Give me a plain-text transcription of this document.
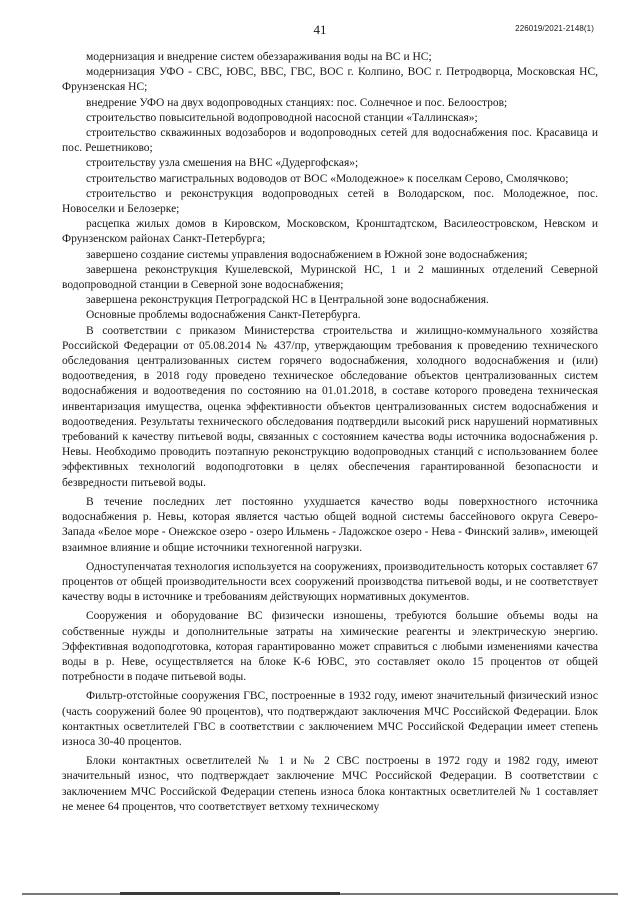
41	226019/2021-2148(1)

модернизация и внедрение систем обеззараживания воды на ВС и НС;

модернизация УФО - СВС, ЮВС, ВВС, ГВС, ВОС г. Колпино, ВОС г. Петродворца, Московская НС, Фрунзенская НС;

внедрение УФО на двух водопроводных станциях: пос. Солнечное и пос. Белоостров;

строительство повысительной водопроводной насосной станции «Таллинская»;

строительство скважинных водозаборов и водопроводных сетей для водоснабжения пос. Красавица и пос. Решетниково;

строительству узла смешения на ВНС «Дудергофская»;

строительство магистральных водоводов от ВОС «Молодежное» к поселкам Серово, Смолячково;

строительство и реконструкция водопроводных сетей в Володарском, пос. Молодежное, пос. Новоселки и Белозерке;

расцепка жилых домов в Кировском, Московском, Кронштадтском, Василеостровском, Невском и Фрунзенском районах Санкт-Петербурга;

завершено создание системы управления водоснабжением в Южной зоне водоснабжения;

завершена реконструкция Кушелевской, Муринской НС, 1 и 2 машинных отделений Северной водопроводной станции в Северной зоне водоснабжения;

завершена реконструкция Петроградской НС в Центральной зоне водоснабжения.

Основные проблемы водоснабжения Санкт-Петербурга.

В соответствии с приказом Министерства строительства и жилищно-коммунального хозяйства Российской Федерации от 05.08.2014 № 437/пр, утверждающим требования к проведению технического обследования централизованных систем горячего водоснабжения, холодного водоснабжения и (или) водоотведения, в 2018 году проведено техническое обследование объектов централизованных систем водоснабжения и водоотведения по состоянию на 01.01.2018, в составе которого проведена техническая инвентаризация имущества, оценка эффективности объектов централизованных систем водоснабжения и водоотведения. Результаты технического обследования подтвердили высокий риск нарушений нормативных требований к качеству питьевой воды, связанных с состоянием качества воды источника водоснабжения р. Невы. Необходимо проводить поэтапную реконструкцию водопроводных станций с использованием более эффективных технологий водоподготовки в целях обеспечения гарантированной безопасности и безвредности питьевой воды.

В течение последних лет постоянно ухудшается качество воды поверхностного источника водоснабжения р. Невы, которая является частью общей водной системы бассейнового округа Северо-Запада «Белое море - Онежское озеро - озеро Ильмень - Ладожское озеро - Нева - Финский залив», имеющей взаимное влияние и общие источники техногенной нагрузки.

Одноступенчатая технология используется на сооружениях, производительность которых составляет 67 процентов от общей производительности всех сооружений производства питьевой воды, и не соответствует качеству воды в источнике и требованиям действующих нормативных документов.

Сооружения и оборудование ВС физически изношены, требуются большие объемы воды на собственные нужды и дополнительные затраты на химические реагенты и электрическую энергию. Эффективная водоподготовка, которая гарантированно может справиться с любыми изменениями качества воды в р. Неве, осуществляется на блоке К-6 ЮВС, это составляет около 15 процентов от общей потребности в подаче питьевой воды.

Фильтр-отстойные сооружения ГВС, построенные в 1932 году, имеют значительный физический износ (часть сооружений более 90 процентов), что подтверждают заключения МЧС Российской Федерации. Блок контактных осветлителей ГВС в соответствии с заключением МЧС Российской Федерации имеет степень износа 30-40 процентов.

Блоки контактных осветлителей № 1 и № 2 СВС построены в 1972 году и 1982 году, имеют значительный износ, что подтверждает заключение МЧС Российской Федерации. В соответствии с заключением МЧС Российской Федерации степень износа блока контактных осветлителей № 1 составляет не менее 64 процентов, что соответствует ветхому техническому
